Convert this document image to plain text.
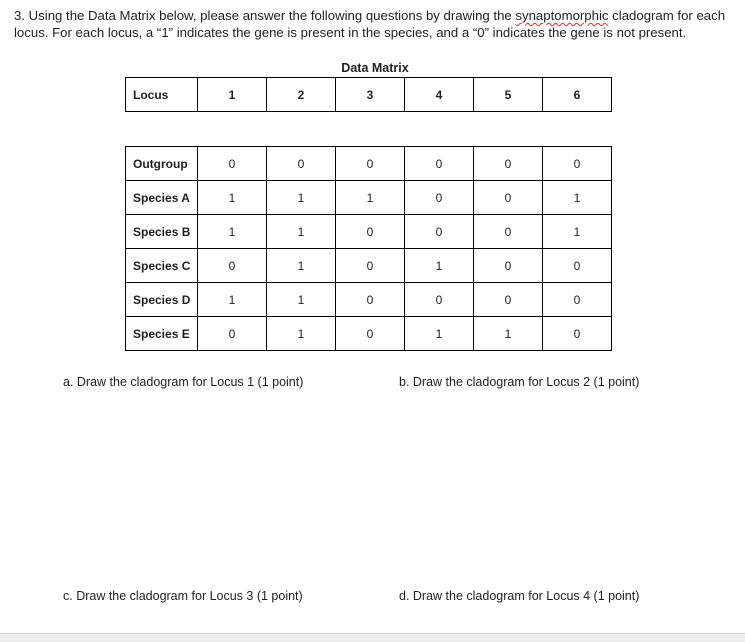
3. Using the Data Matrix below, please answer the following questions by drawing the synaptomorphic cladogram for each locus. For each locus, a “1” indicates the gene is present in the species, and a “0” indicates the gene is not present.
Data Matrix
Locus	1	2	3	4	5	6
Outgroup	0	0	0	0	0	0
Species A	1	1	1	0	0	1
Species B	1	1	0	0	0	1
Species C	0	1	0	1	0	0
Species D	1	1	0	0	0	0
Species E	0	1	0	1	1	0
a. Draw the cladogram for Locus 1 (1 point)	b. Draw the cladogram for Locus 2 (1 point)
c. Draw the cladogram for Locus 3 (1 point)	d. Draw the cladogram for Locus 4 (1 point)
